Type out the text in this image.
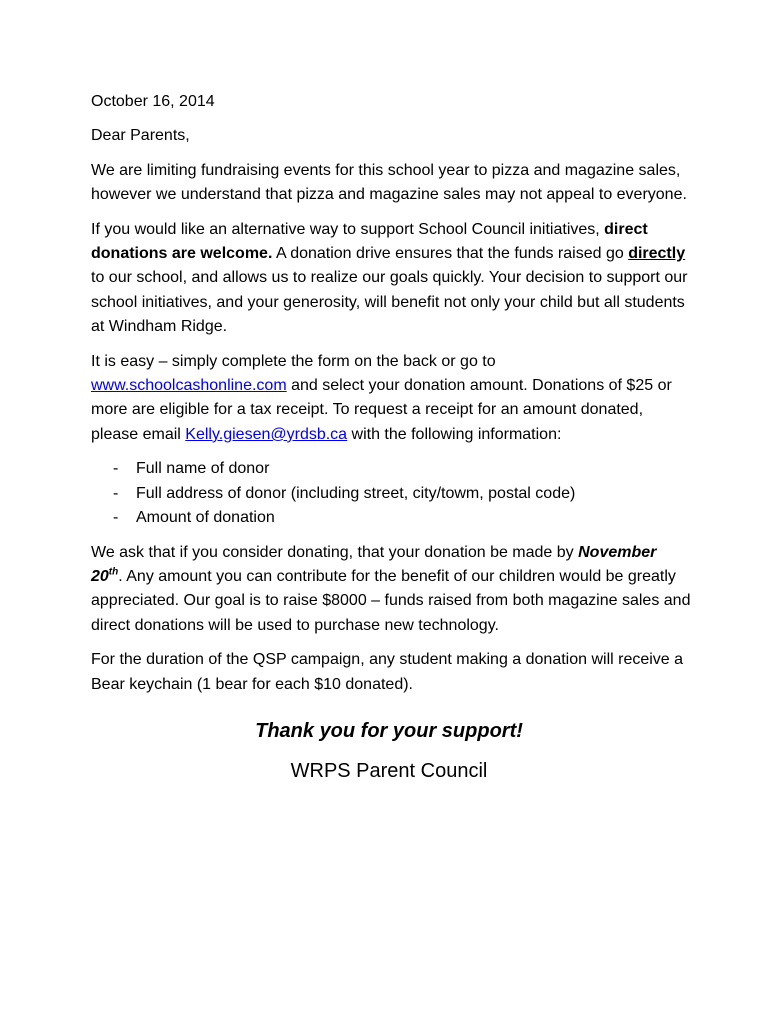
October 16, 2014

Dear Parents,

We are limiting fundraising events for this school year to pizza and magazine sales, however we understand that pizza and magazine sales may not appeal to everyone.

If you would like an alternative way to support School Council initiatives, direct donations are welcome. A donation drive ensures that the funds raised go directly to our school, and allows us to realize our goals quickly. Your decision to support our school initiatives, and your generosity, will benefit not only your child but all students at Windham Ridge.

It is easy – simply complete the form on the back or go to www.schoolcashonline.com and select your donation amount. Donations of $25 or more are eligible for a tax receipt. To request a receipt for an amount donated, please email Kelly.giesen@yrdsb.ca with the following information:

- Full name of donor
- Full address of donor (including street, city/towm, postal code)
- Amount of donation

We ask that if you consider donating, that your donation be made by November 20th. Any amount you can contribute for the benefit of our children would be greatly appreciated. Our goal is to raise $8000 – funds raised from both magazine sales and direct donations will be used to purchase new technology.

For the duration of the QSP campaign, any student making a donation will receive a Bear keychain (1 bear for each $10 donated).

Thank you for your support!

WRPS Parent Council
